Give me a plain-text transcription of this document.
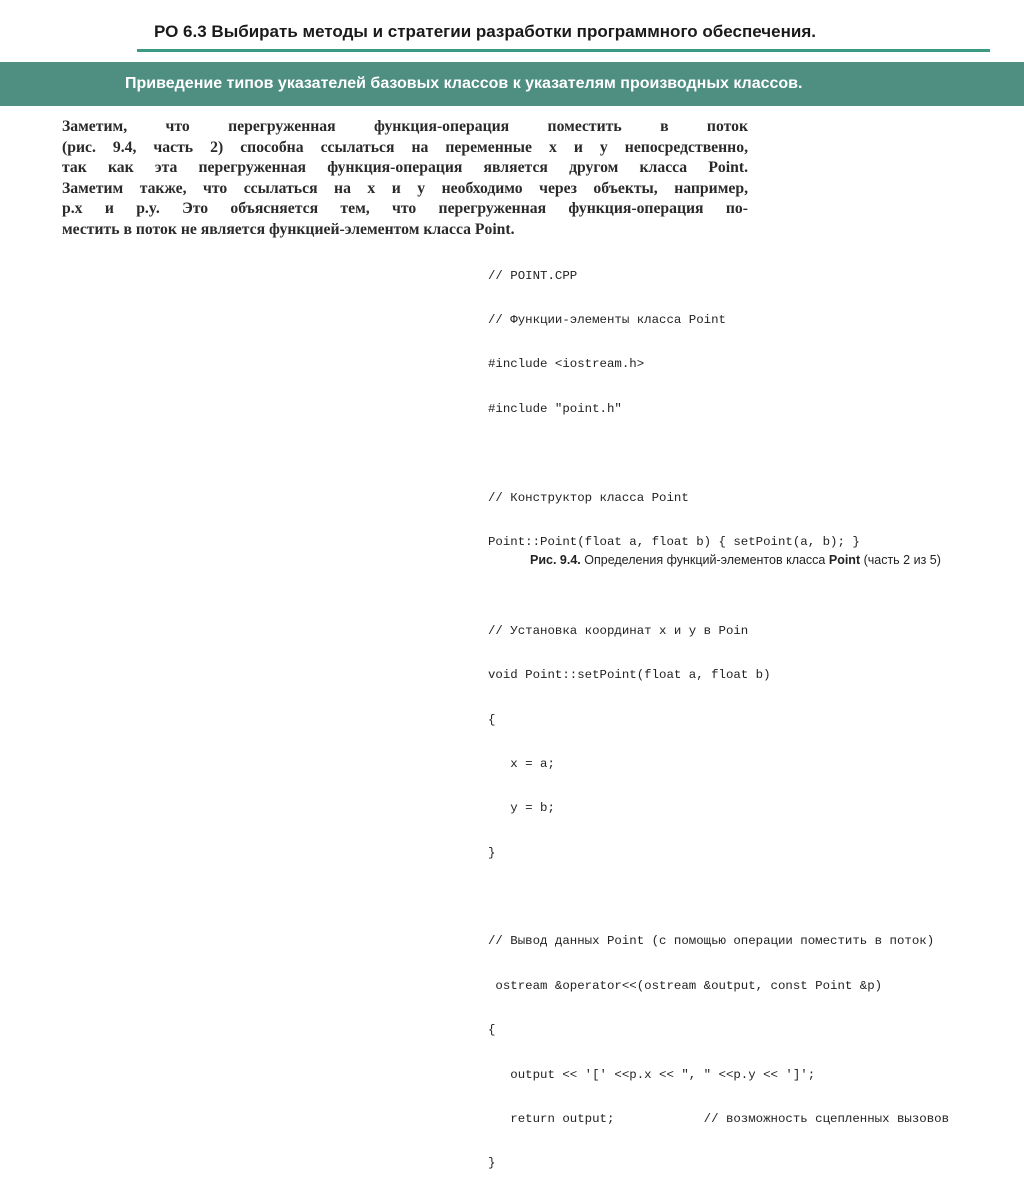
РО 6.3 Выбирать методы и стратегии разработки программного обеспечения.
Приведение типов указателей базовых классов к указателям производных классов.
Заметим, что перегруженная функция-операция поместить в поток
(рис. 9.4, часть 2) способна ссылаться на переменные x и y непосредственно,
так как эта перегруженная функция-операция является другом класса Point.
Заметим также, что ссылаться на x и y необходимо через объекты, например,
p.x и p.y. Это объясняется тем, что перегруженная функция-операция по-
местить в поток не является функцией-элементом класса Point.

// POINT.CPP

// Функции-элементы класса Point

#include <iostream.h>

#include "point.h"

// Конструктор класса Point

Point::Point(float a, float b) { setPoint(a, b); }

// Установка координат x и y в Poin

void Point::setPoint(float a, float b)

{

x = a;

y = b;

}

// Вывод данных Point (с помощью операции поместить в поток)

ostream &operator<<(ostream &output, const Point &p)

{

output << '[' <<p.x << ", " <<p.y << ']';

return output;            // возможность сцепленных вызовов

}

Рис. 9.4. Определения функций-элементов класса Point (часть 2 из 5)
